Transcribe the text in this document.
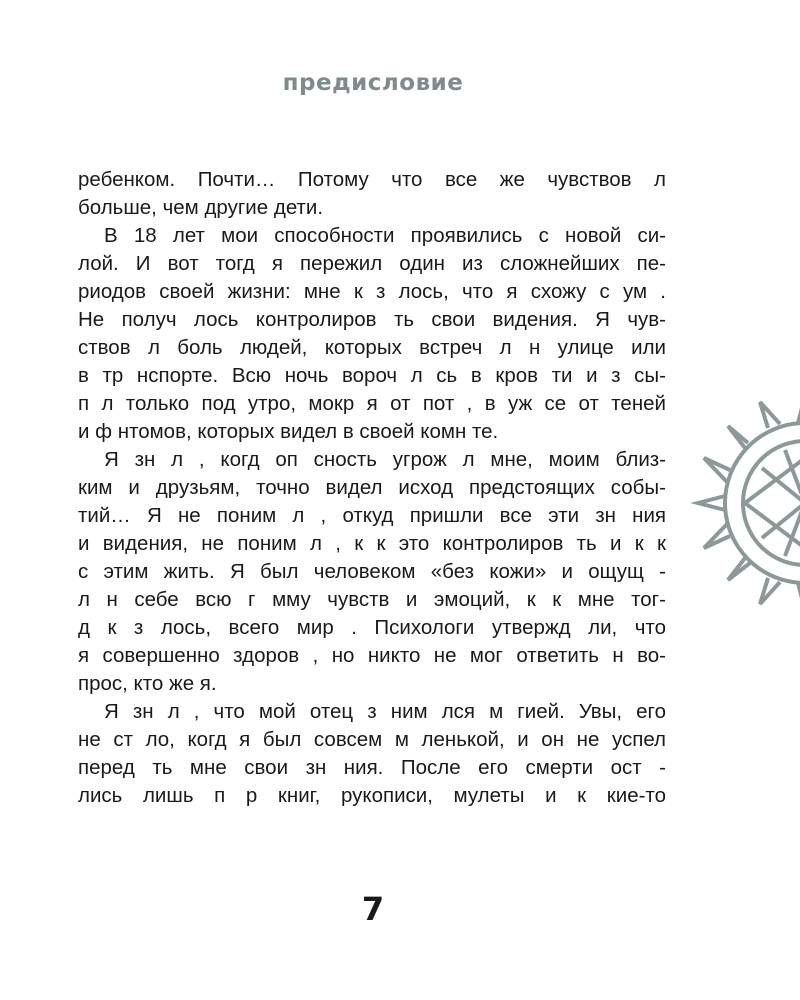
предисловие
ребенком. Почти… Потому что все же чувствов л
больше, чем другие дети.
В 18 лет мои способности проявились с новой си-
лой. И вот тогд я пережил один из сложнейших пе-
риодов своей жизни: мне к з лось, что я схожу с ум .
Не получ лось контролиров ть свои видения. Я чув-
ствов л боль людей, которых встреч л н улице или
в тр нспорте. Всю ночь вороч л сь в кров ти и з сы-
п л только под утро, мокр я от пот , в уж се от теней
и ф нтомов, которых видел в своей комн те.
Я зн л , когд оп сность угрож л мне, моим близ-
ким и друзьям, точно видел исход предстоящих собы-
тий… Я не поним л , откуд пришли все эти зн ния
и видения, не поним л , к к это контролиров ть и к к
с этим жить. Я был человеком «без кожи» и ощущ -
л н себе всю г мму чувств и эмоций, к к мне тог-
д к з лось, всего мир . Психологи утвержд ли, что
я совершенно здоров , но никто не мог ответить н во-
прос, кто же я.
Я зн л , что мой отец з ним лся м гией. Увы, его
не ст ло, когд я был совсем м ленькой, и он не успел
перед ть мне свои зн ния. После его смерти ост -
лись лишь п р книг, рукописи, мулеты и к кие-то
7
